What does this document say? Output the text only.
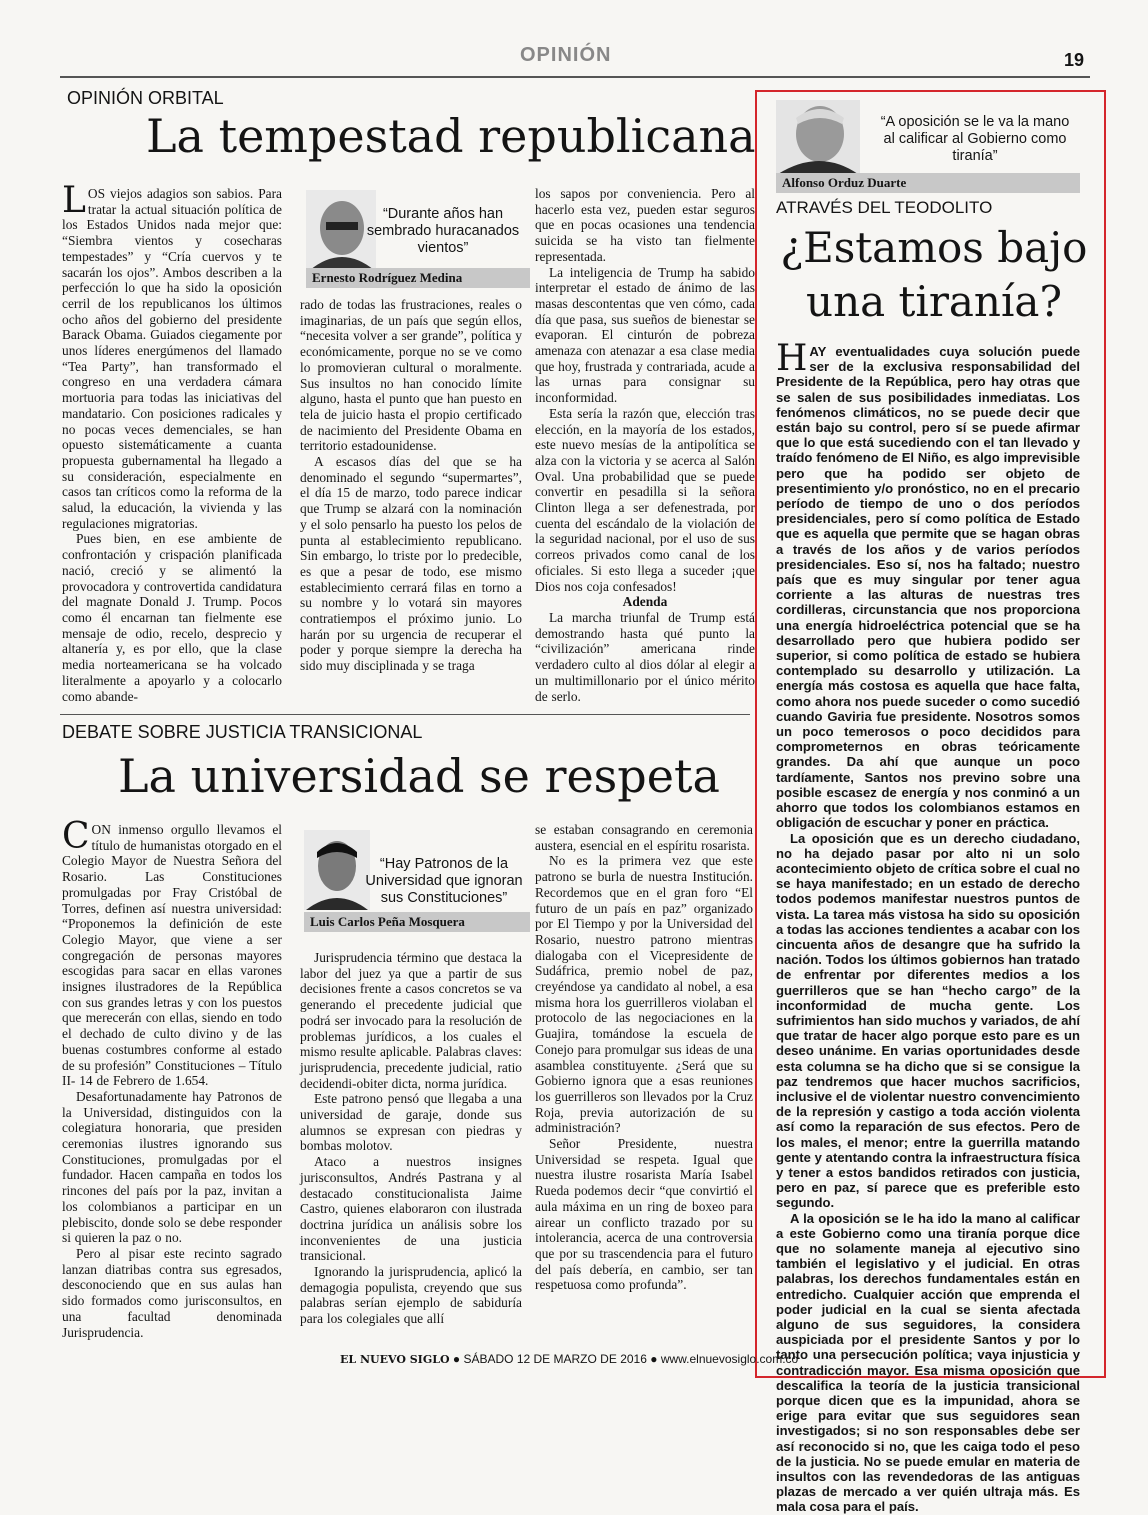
OPINIÓN	19
OPINIÓN ORBITAL
La tempestad republicana
L OS viejos adagios son sabios. Para tratar la actual situación política de los Estados Unidos nada mejor que: “Siembra vientos y cosecharas tempestades” y “Cría cuervos y te sacarán los ojos”. Ambos describen a la perfección lo que ha sido la oposición cerril de los republicanos los últimos ocho años del gobierno del presidente Barack Obama. Guiados ciegamente por unos líderes energúmenos del llamado “Tea Party”, han transformado el congreso en una verdadera cámara mortuoria para todas las iniciativas del mandatario. Con posiciones radicales y no pocas veces demenciales, se han opuesto sistemáticamente a cuanta propuesta gubernamental ha llegado a su consideración, especialmente en casos tan críticos como la reforma de la salud, la educación, la vivienda y las regulaciones migratorias.

Pues bien, en ese ambiente de confrontación y crispación planificada nació, creció y se alimentó la provocadora y controvertida candidatura del magnate Donald J. Trump. Pocos como él encarnan tan fielmente ese mensaje de odio, recelo, desprecio y altanería y, es por ello, que la clase media norteamericana se ha volcado literalmente a apoyarlo y a colocarlo como abande-

“Durante años han sembrado huracanados vientos”
Ernesto Rodríguez Medina

rado de todas las frustraciones, reales o imaginarias, de un país que según ellos, “necesita volver a ser grande”, política y económicamente, porque no se ve como lo promovieran cultural o moralmente. Sus insultos no han conocido límite alguno, hasta el punto que han puesto en tela de juicio hasta el propio certificado de nacimiento del Presidente Obama en territorio estadounidense.

A escasos días del que se ha denominado el segundo “supermartes”, el día 15 de marzo, todo parece indicar que Trump se alzará con la nominación y el solo pensarlo ha puesto los pelos de punta al establecimiento republicano. Sin embargo, lo triste por lo predecible, es que a pesar de todo, ese mismo establecimiento cerrará filas en torno a su nombre y lo votará sin mayores contratiempos el próximo junio. Lo harán por su urgencia de recuperar el poder y porque siempre la derecha ha sido muy disciplinada y se traga

los sapos por conveniencia. Pero al hacerlo esta vez, pueden estar seguros que en pocas ocasiones una tendencia suicida se ha visto tan fielmente representada.

La inteligencia de Trump ha sabido interpretar el estado de ánimo de las masas descontentas que ven cómo, cada día que pasa, sus sueños de bienestar se evaporan. El cinturón de pobreza amenaza con atenazar a esa clase media que hoy, frustrada y contrariada, acude a las urnas para consignar su inconformidad.

Esta sería la razón que, elección tras elección, en la mayoría de los estados, este nuevo mesías de la antipolítica se alza con la victoria y se acerca al Salón Oval. Una probabilidad que se puede convertir en pesadilla si la señora Clinton llega a ser defenestrada, por cuenta del escándalo de la violación de la seguridad nacional, por el uso de sus correos privados como canal de los oficiales. Si esto llega a suceder ¡que Dios nos coja confesados!

Adenda

La marcha triunfal de Trump está demostrando hasta qué punto la “civilización” americana rinde verdadero culto al dios dólar al elegir a un multimillonario por el único mérito de serlo.

DEBATE SOBRE JUSTICIA TRANSICIONAL
La universidad se respeta
C ON inmenso orgullo llevamos el título de humanistas otorgado en el Colegio Mayor de Nuestra Señora del Rosario. Las Constituciones promulgadas por Fray Cristóbal de Torres, definen así nuestra universidad: “Proponemos la definición de este Colegio Mayor, que viene a ser congregación de personas mayores escogidas para sacar en ellas varones insignes ilustradores de la República con sus grandes letras y con los puestos que merecerán con ellas, siendo en todo el dechado de culto divino y de las buenas costumbres conforme al estado de su profesión” Constituciones – Título II- 14 de Febrero de 1.654.

Desafortunadamente hay Patronos de la Universidad, distinguidos con la colegiatura honoraria, que presiden ceremonias ilustres ignorando sus Constituciones, promulgadas por el fundador. Hacen campaña en todos los rincones del país por la paz, invitan a los colombianos a participar en un plebiscito, donde solo se debe responder si quieren la paz o no.

Pero al pisar este recinto sagrado lanzan diatribas contra sus egresados, desconociendo que en sus aulas han sido formados como jurisconsultos, en una facultad denominada Jurisprudencia.

“Hay Patronos de la Universidad que ignoran sus Constituciones”
Luis Carlos Peña Mosquera

Jurisprudencia término que destaca la labor del juez ya que a partir de sus decisiones frente a casos concretos se va generando el precedente judicial que podrá ser invocado para la resolución de problemas jurídicos, a los cuales el mismo resulte aplicable. Palabras claves: jurisprudencia, precedente judicial, ratio decidendi-obiter dicta, norma jurídica.

Este patrono pensó que llegaba a una universidad de garaje, donde sus alumnos se expresan con piedras y bombas molotov.

Ataco a nuestros insignes jurisconsultos, Andrés Pastrana y al destacado constitucionalista Jaime Castro, quienes elaboraron con ilustrada doctrina jurídica un análisis sobre los inconvenientes de una justicia transicional.

Ignorando la jurisprudencia, aplicó la demagogia populista, creyendo que sus palabras serían ejemplo de sabiduría para los colegiales que allí

se estaban consagrando en ceremonia austera, esencial en el espíritu rosarista.

No es la primera vez que este patrono se burla de nuestra Institución. Recordemos que en el gran foro “El futuro de un país en paz” organizado por El Tiempo y por la Universidad del Rosario, nuestro patrono mientras dialogaba con el Vicepresidente de Sudáfrica, premio nobel de paz, creyéndose ya candidato al nobel, a esa misma hora los guerrilleros violaban el protocolo de las negociaciones en la Guajira, tomándose la escuela de Conejo para promulgar sus ideas de una asamblea constituyente. ¿Será que su Gobierno ignora que a esas reuniones los guerrilleros son llevados por la Cruz Roja, previa autorización de su administración?

Señor Presidente, nuestra Universidad se respeta. Igual que nuestra ilustre rosarista María Isabel Rueda podemos decir “que convirtió el aula máxima en un ring de boxeo para airear un conflicto trazado por su intolerancia, acerca de una controversia que por su trascendencia para el futuro del país debería, en cambio, ser tan respetuosa como profunda”.

“A oposición se le va la mano al calificar al Gobierno como tiranía”
Alfonso Orduz Duarte
ATRAVÉS DEL TEODOLITO
¿Estamos bajo
una tiranía?
H AY eventualidades cuya solución puede ser de la exclusiva responsabilidad del Presidente de la República, pero hay otras que se salen de sus posibilidades inmediatas. Los fenómenos climáticos, no se puede decir que están bajo su control, pero sí se puede afirmar que lo que está sucediendo con el tan llevado y traído fenómeno de El Niño, es algo imprevisible pero que ha podido ser objeto de presentimiento y/o pronóstico, no en el precario período de tiempo de uno o dos períodos presidenciales, pero sí como política de Estado que es aquella que permite que se hagan obras a través de los años y de varios períodos presidenciales. Eso sí, nos ha faltado; nuestro país que es muy singular por tener agua corriente a las alturas de nuestras tres cordilleras, circunstancia que nos proporciona una energía hidroeléctrica potencial que se ha desarrollado pero que hubiera podido ser superior, si como política de estado se hubiera contemplado su desarrollo y utilización. La energía más costosa es aquella que hace falta, como ahora nos puede suceder o como sucedió cuando Gaviria fue presidente. Nosotros somos un poco temerosos o poco decididos para comprometernos en obras teóricamente grandes. Da ahí que aunque un poco tardíamente, Santos nos previno sobre una posible escasez de energía y nos conminó a un ahorro que todos los colombianos estamos en obligación de escuchar y poner en práctica.

La oposición que es un derecho ciudadano, no ha dejado pasar por alto ni un solo acontecimiento objeto de crítica sobre el cual no se haya manifestado; en un estado de derecho todos podemos manifestar nuestros puntos de vista. La tarea más vistosa ha sido su oposición a todas las acciones tendientes a acabar con los cincuenta años de desangre que ha sufrido la nación. Todos los últimos gobiernos han tratado de enfrentar por diferentes medios a los guerrilleros que se han “hecho cargo” de la inconformidad de mucha gente. Los sufrimientos han sido muchos y variados, de ahí que tratar de hacer algo porque esto pare es un deseo unánime. En varias oportunidades desde esta columna se ha dicho que si se consigue la paz tendremos que hacer muchos sacrificios, inclusive el de violentar nuestro convencimiento de la represión y castigo a toda acción violenta así como la reparación de sus efectos. Pero de los males, el menor; entre la guerrilla matando gente y atentando contra la infraestructura física y tener a estos bandidos retirados con justicia, pero en paz, sí parece que es preferible esto segundo.

A la oposición se le ha ido la mano al calificar a este Gobierno como una tiranía porque dice que no solamente maneja al ejecutivo sino también el legislativo y el judicial. En otras palabras, los derechos fundamentales están en entredicho. Cualquier acción que emprenda el poder judicial en la cual se sienta afectada alguno de sus seguidores, la considera auspiciada por el presidente Santos y por lo tanto una persecución política; vaya injusticia y contradicción mayor. Esa misma oposición que descalifica la teoría de la justicia transicional porque dicen que es la impunidad, ahora se erige para evitar que sus seguidores sean investigados; si no son responsables debe ser así reconocido si no, que les caiga todo el peso de la justicia. No se puede emular en materia de insultos con las revendedoras de las antiguas plazas de mercado a ver quién ultraja más. Es mala cosa para el país.

EL NUEVO SIGLO ● SÁBADO 12 DE MARZO DE 2016 ● www.elnuevosiglo.com.co
